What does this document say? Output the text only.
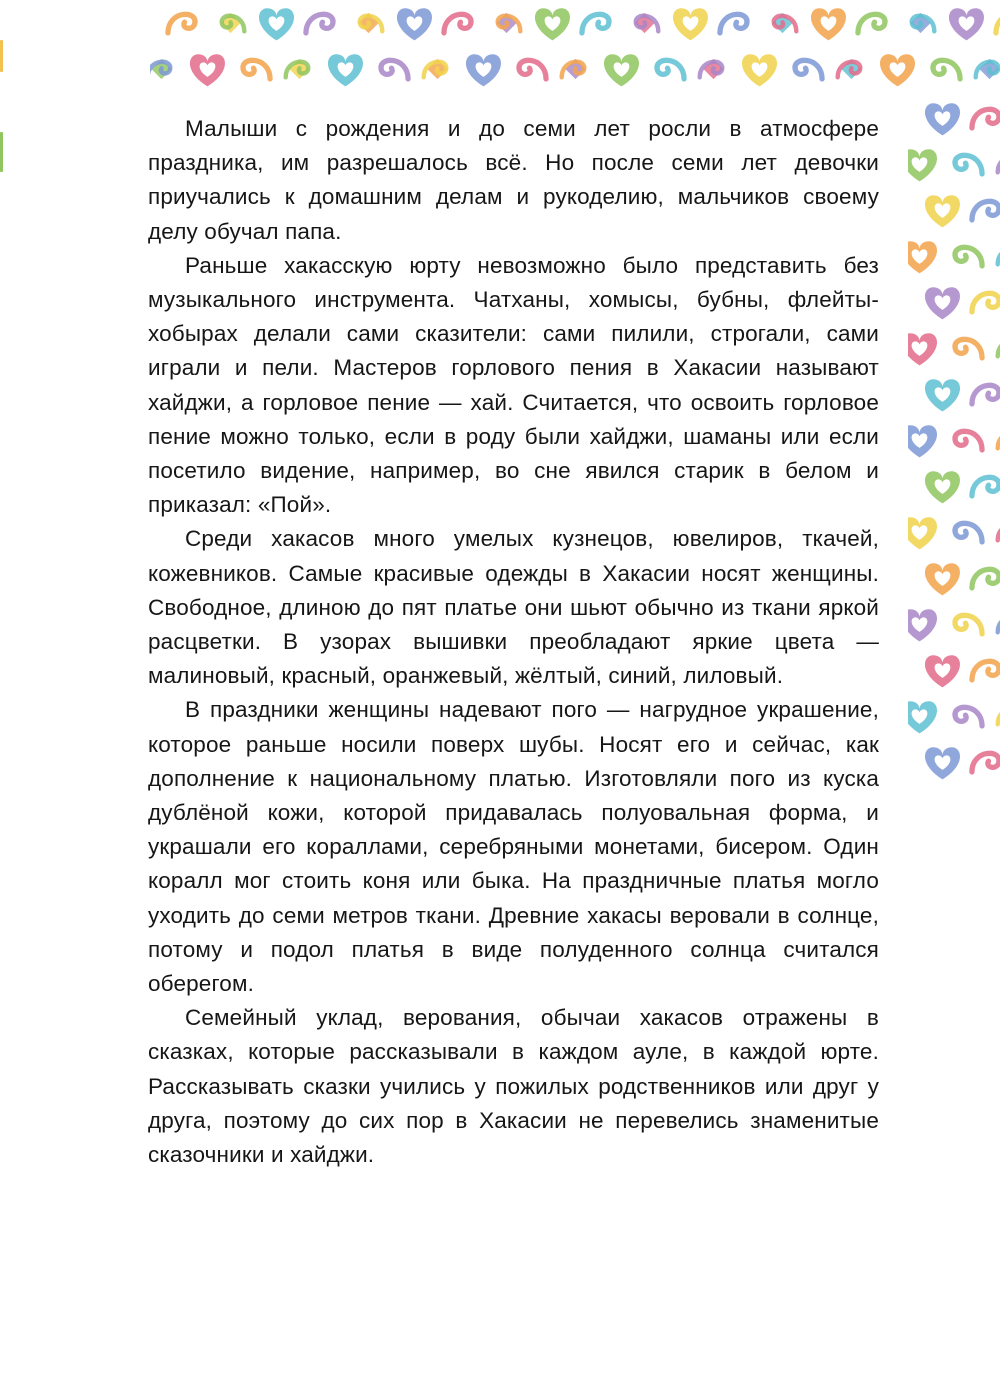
Малыши с рождения и до семи лет росли в атмосфере праздника, им разрешалось всё. Но после семи лет девочки приучались к домашним делам и рукоделию, мальчиков своему делу обучал папа.

Раньше хакасскую юрту невозможно было представить без музыкального инструмента. Чатханы, хомысы, бубны, флейты-хобырах делали сами сказители: сами пилили, строгали, сами играли и пели. Мастеров горлового пения в Хакасии называют хайджи, а горловое пение — хай. Считается, что освоить горловое пение можно только, если в роду были хайджи, шаманы или если посетило видение, например, во сне явился старик в белом и приказал: «Пой».

Среди хакасов много умелых кузнецов, ювелиров, ткачей, кожевников. Самые красивые одежды в Хакасии носят женщины. Свободное, длиною до пят платье они шьют обычно из ткани яркой расцветки. В узорах вышивки преобладают яркие цвета — малиновый, красный, оранжевый, жёлтый, синий, лиловый.

В праздники женщины надевают пого — нагрудное украшение, которое раньше носили поверх шубы. Носят его и сейчас, как дополнение к национальному платью. Изготовляли пого из куска дублёной кожи, которой придавалась полуовальная форма, и украшали его кораллами, серебряными монетами, бисером. Один коралл мог стоить коня или быка. На праздничные платья могло уходить до семи метров ткани. Древние хакасы веровали в солнце, потому и подол платья в виде полуденного солнца считался оберегом.

Семейный уклад, верования, обычаи хакасов отражены в сказках, которые рассказывали в каждом ауле, в каждой юрте. Рассказывать сказки учились у пожилых родственников или друг у друга, поэтому до сих пор в Хакасии не перевелись знаменитые сказочники и хайджи.
